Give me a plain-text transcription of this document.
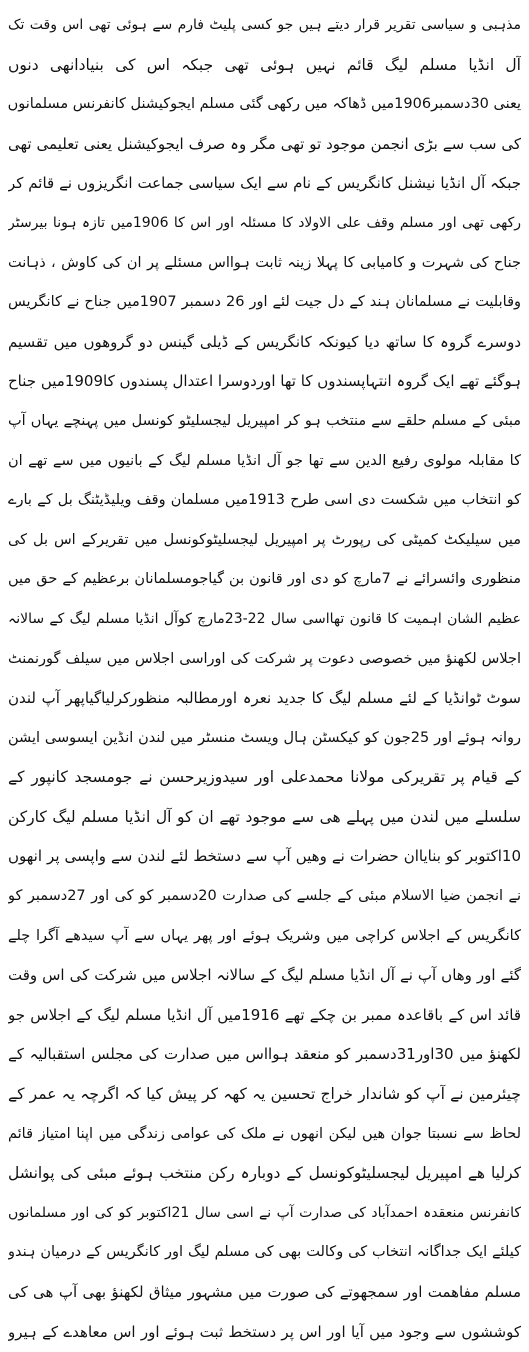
مذہبی و سیاسی تقریر قرار دیتے ہیں جو کسی پلیٹ فارم سے ہوئی تھی اس وقت تک
آل انڈیا مسلم لیگ قائم نہیں ہوئی تھی جبکہ اس کی بنیادانھی دنوں
یعنی 30دسمبر1906میں ڈھاکہ میں رکھی گئی مسلم ایجوکیشنل کانفرنس مسلمانوں
کی سب سے بڑی انجمن موجود تو تھی مگر وہ صرف ایجوکیشنل یعنی تعلیمی تھی
جبکہ آل انڈیا نیشنل کانگریس کے نام سے ایک سیاسی جماعت انگریزوں نے قائم کر
رکھی تھی اور مسلم وقف علی الاولاد کا مسئلہ اور اس کا 1906میں تازہ ہونا بیرسٹر
جناح کی شہرت و کامیابی کا پہلا زینہ ثابت ہوااس مسئلے پر ان کی کاوش ، ذہانت
وقابلیت نے مسلمانان ہند کے دل جیت لئے اور 26 دسمبر 1907میں جناح نے کانگریس
دوسرے گروہ کا ساتھ دیا کیونکہ کانگریس کے ڈیلی گینس دو گروھوں میں تقسیم
ہوگئے تھے ایک گروہ انتہاپسندوں کا تھا اوردوسرا اعتدال پسندوں کا1909میں جناح
مبئی کے مسلم حلقے سے منتخب ہو کر امپیریل لیجسلیٹو کونسل میں پہنچے یہاں آپ
کا مقابلہ مولوی رفیع الدین سے تھا جو آل انڈیا مسلم لیگ کے بانیوں میں سے تھے ان
کو انتخاب میں شکست دی اسی طرح 1913میں مسلمان وقف ویلیڈیٹنگ بل کے بارے
میں سیلیکٹ کمیٹی کی رپورٹ پر امپیریل لیجسلیٹوکونسل میں تقریرکے اس بل کی
منظوری وائسرائے نے 7مارچ کو دی اور قانون بن گیاجومسلمانان برعظیم کے حق میں
عظیم الشان اہمیت کا قانون تھااسی سال 22-23مارچ کوآل انڈیا مسلم لیگ کے سالانہ
اجلاس لکھنؤ میں خصوصی دعوت پر شرکت کی اوراسی اجلاس میں سیلف گورنمنٹ
سوٹ ٹوانڈیا کے لئے مسلم لیگ کا جدید نعرہ اورمطالبہ منظورکرلیاگیاپھر آپ لندن
روانہ ہوئے اور 25جون کو کیکسٹن ہال ویسٹ منسٹر میں لندن انڈین ایسوسی ایشن
کے قیام پر تقریرکی مولانا محمدعلی اور سیدوزیرحسن نے جومسجد کانپور کے
سلسلے میں لندن میں پہلے ھی سے موجود تھے ان کو آل انڈیا مسلم لیگ کارکن
10اکتوبر کو بنایاان حضرات نے وھیں آپ سے دستخط لئے لندن سے واپسی پر انھوں
نے انجمن ضیا الاسلام مبئی کے جلسے کی صدارت 20دسمبر کو کی اور 27دسمبر کو
کانگریس کے اجلاس کراچی میں وشریک ہوئے اور پھر یہاں سے آپ سیدھے آگرا چلے
گئے اور وھاں آپ نے آل انڈیا مسلم لیگ کے سالانہ اجلاس میں شرکت کی اس وقت
قائد اس کے باقاعدہ ممبر بن چکے تھے 1916میں آل انڈیا مسلم لیگ کے اجلاس جو
لکھنؤ میں 30اور31دسمبر کو منعقد ہوااس میں صدارت کی مجلس استقبالیہ کے
چیئرمین نے آپ کو شاندار خراج تحسین یہ کھہ کر پیش کیا کہ اگرچہ یہ عمر کے
لحاظ سے نسبتا جوان ھیں لیکن انھوں نے ملک کی عوامی زندگی میں اپنا امتیاز قائم
کرلیا ھے امپیریل لیجسلیٹوکونسل کے دوبارہ رکن منتخب ہوئے مبئی کی پوانشل
کانفرنس منعقدہ احمدآباد کی صدارت آپ نے اسی سال 21اکتوبر کو کی اور مسلمانوں
کیلئے ایک جداگانہ انتخاب کی وکالت بھی کی مسلم لیگ اور کانگریس کے درمیان ہندو
مسلم مفاھمت اور سمجھوتے کی صورت میں مشہور میثاق لکھنؤ بھی آپ ھی کی
کوششوں سے وجود میں آیا اور اس پر دستخط ثبت ہوئے اور اس معاھدے کے ہیرو
